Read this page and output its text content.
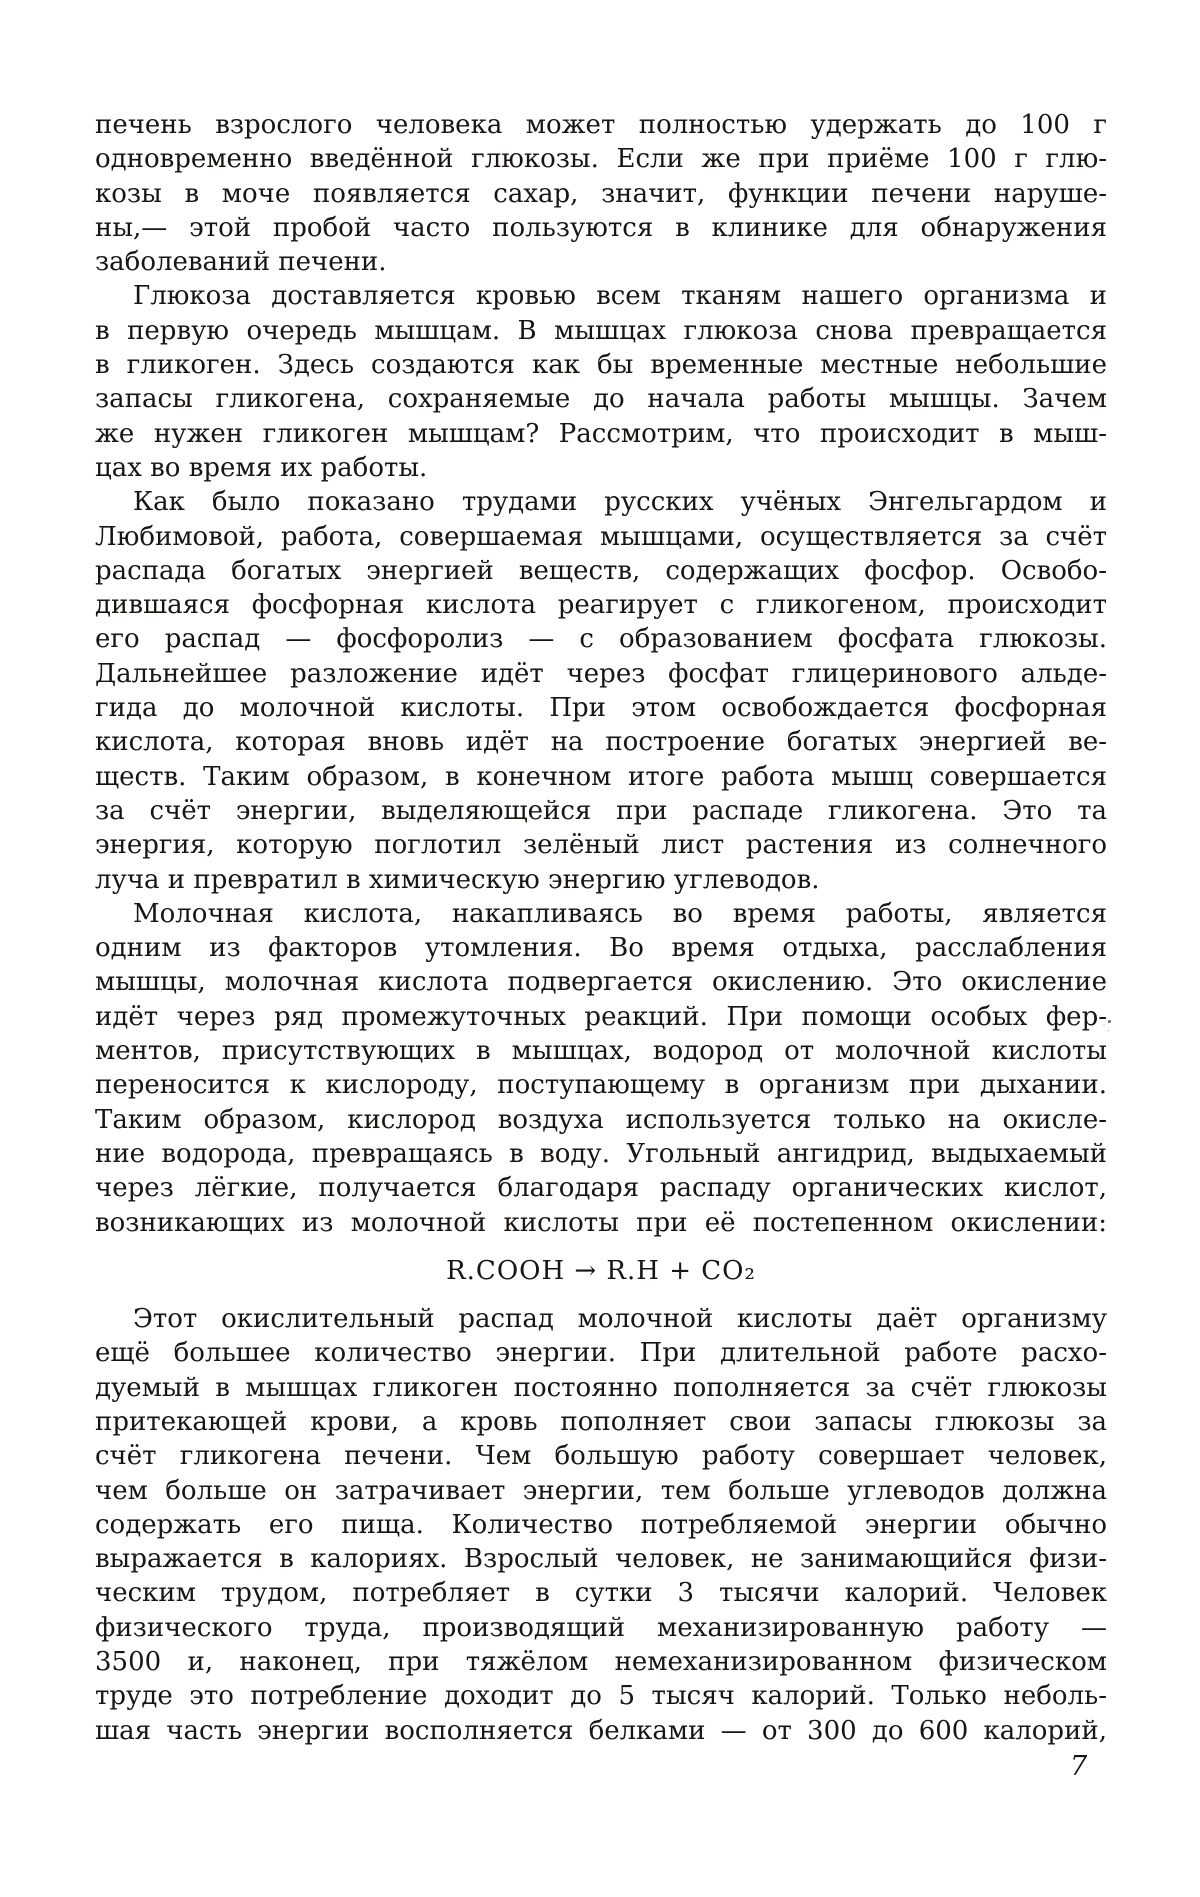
печень взрослого человека может полностью удержать до 100 г
одновременно введённой глюкозы. Если же при приёме 100 г глю-
козы в моче появляется сахар, значит, функции печени наруше-
ны,— этой пробой часто пользуются в клинике для обнаружения
заболеваний печени.
Глюкоза доставляется кровью всем тканям нашего организма и
в первую очередь мышцам. В мышцах глюкоза снова превращается
в гликоген. Здесь создаются как бы временные местные небольшие
запасы гликогена, сохраняемые до начала работы мышцы. Зачем
же нужен гликоген мышцам? Рассмотрим, что происходит в мыш-
цах во время их работы.
Как было показано трудами русских учёных Энгельгардом и
Любимовой, работа, совершаемая мышцами, осуществляется за счёт
распада богатых энергией веществ, содержащих фосфор. Освобо-
дившаяся фосфорная кислота реагирует с гликогеном, происходит
его распад — фосфоролиз — с образованием фосфата глюкозы.
Дальнейшее разложение идёт через фосфат глицеринового альде-
гида до молочной кислоты. При этом освобождается фосфорная
кислота, которая вновь идёт на построение богатых энергией ве-
ществ. Таким образом, в конечном итоге работа мышц совершается
за счёт энергии, выделяющейся при распаде гликогена. Это та
энергия, которую поглотил зелёный лист растения из солнечного
луча и превратил в химическую энергию углеводов.
Молочная кислота, накапливаясь во время работы, является
одним из факторов утомления. Во время отдыха, расслабления
мышцы, молочная кислота подвергается окислению. Это окисление
идёт через ряд промежуточных реакций. При помощи особых фер-
ментов, присутствующих в мышцах, водород от молочной кислоты
переносится к кислороду, поступающему в организм при дыхании.
Таким образом, кислород воздуха используется только на окисле-
ние водорода, превращаясь в воду. Угольный ангидрид, выдыхаемый
через лёгкие, получается благодаря распаду органических кислот,
возникающих из молочной кислоты при её постепенном окислении:
R.COOH → R.H + CO₂
Этот окислительный распад молочной кислоты даёт организму
ещё большее количество энергии. При длительной работе расхо-
дуемый в мышцах гликоген постоянно пополняется за счёт глюкозы
притекающей крови, а кровь пополняет свои запасы глюкозы за
счёт гликогена печени. Чем большую работу совершает человек,
чем больше он затрачивает энергии, тем больше углеводов должна
содержать его пища. Количество потребляемой энергии обычно
выражается в калориях. Взрослый человек, не занимающийся физи-
ческим трудом, потребляет в сутки 3 тысячи калорий. Человек
физического труда, производящий механизированную работу —
3500 и, наконец, при тяжёлом немеханизированном физическом
труде это потребление доходит до 5 тысяч калорий. Только неболь-
шая часть энергии восполняется белками — от 300 до 600 калорий,
7
